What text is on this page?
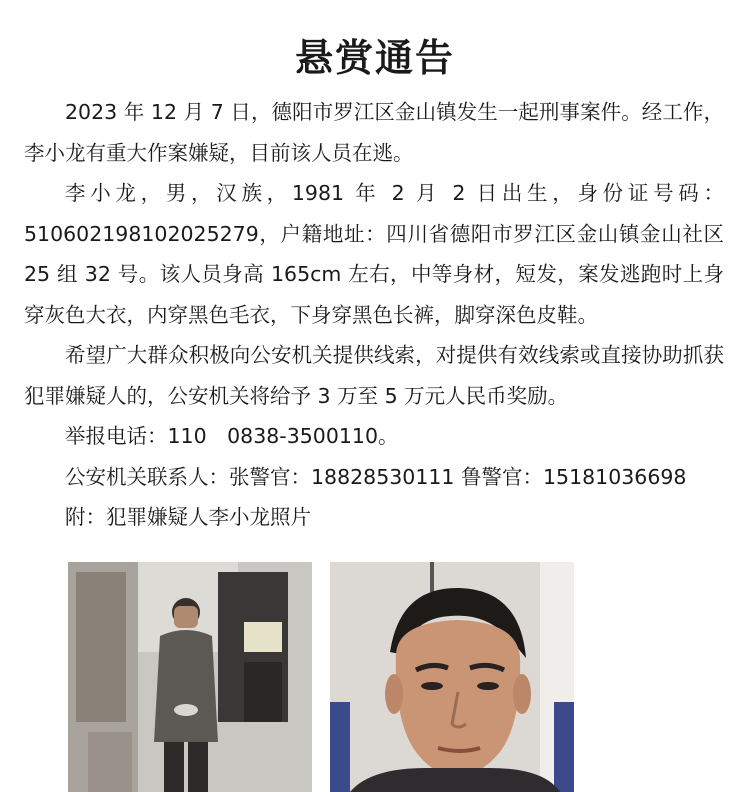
悬赏通告

2023 年 12 月 7 日，德阳市罗江区金山镇发生一起刑事案件。经工作，李小龙有重大作案嫌疑，目前该人员在逃。

李小龙，男，汉族，1981 年 2 月 2 日出生，身份证号码：510602198102025279，户籍地址：四川省德阳市罗江区金山镇金山社区 25 组 32 号。该人员身高 165cm 左右，中等身材，短发，案发逃跑时上身穿灰色大衣，内穿黑色毛衣，下身穿黑色长裤，脚穿深色皮鞋。

希望广大群众积极向公安机关提供线索，对提供有效线索或直接协助抓获犯罪嫌疑人的，公安机关将给予 3 万至 5 万元人民币奖励。

举报电话：110　0838-3500110。

公安机关联系人：张警官：18828530111 鲁警官：15181036698

附：犯罪嫌疑人李小龙照片
